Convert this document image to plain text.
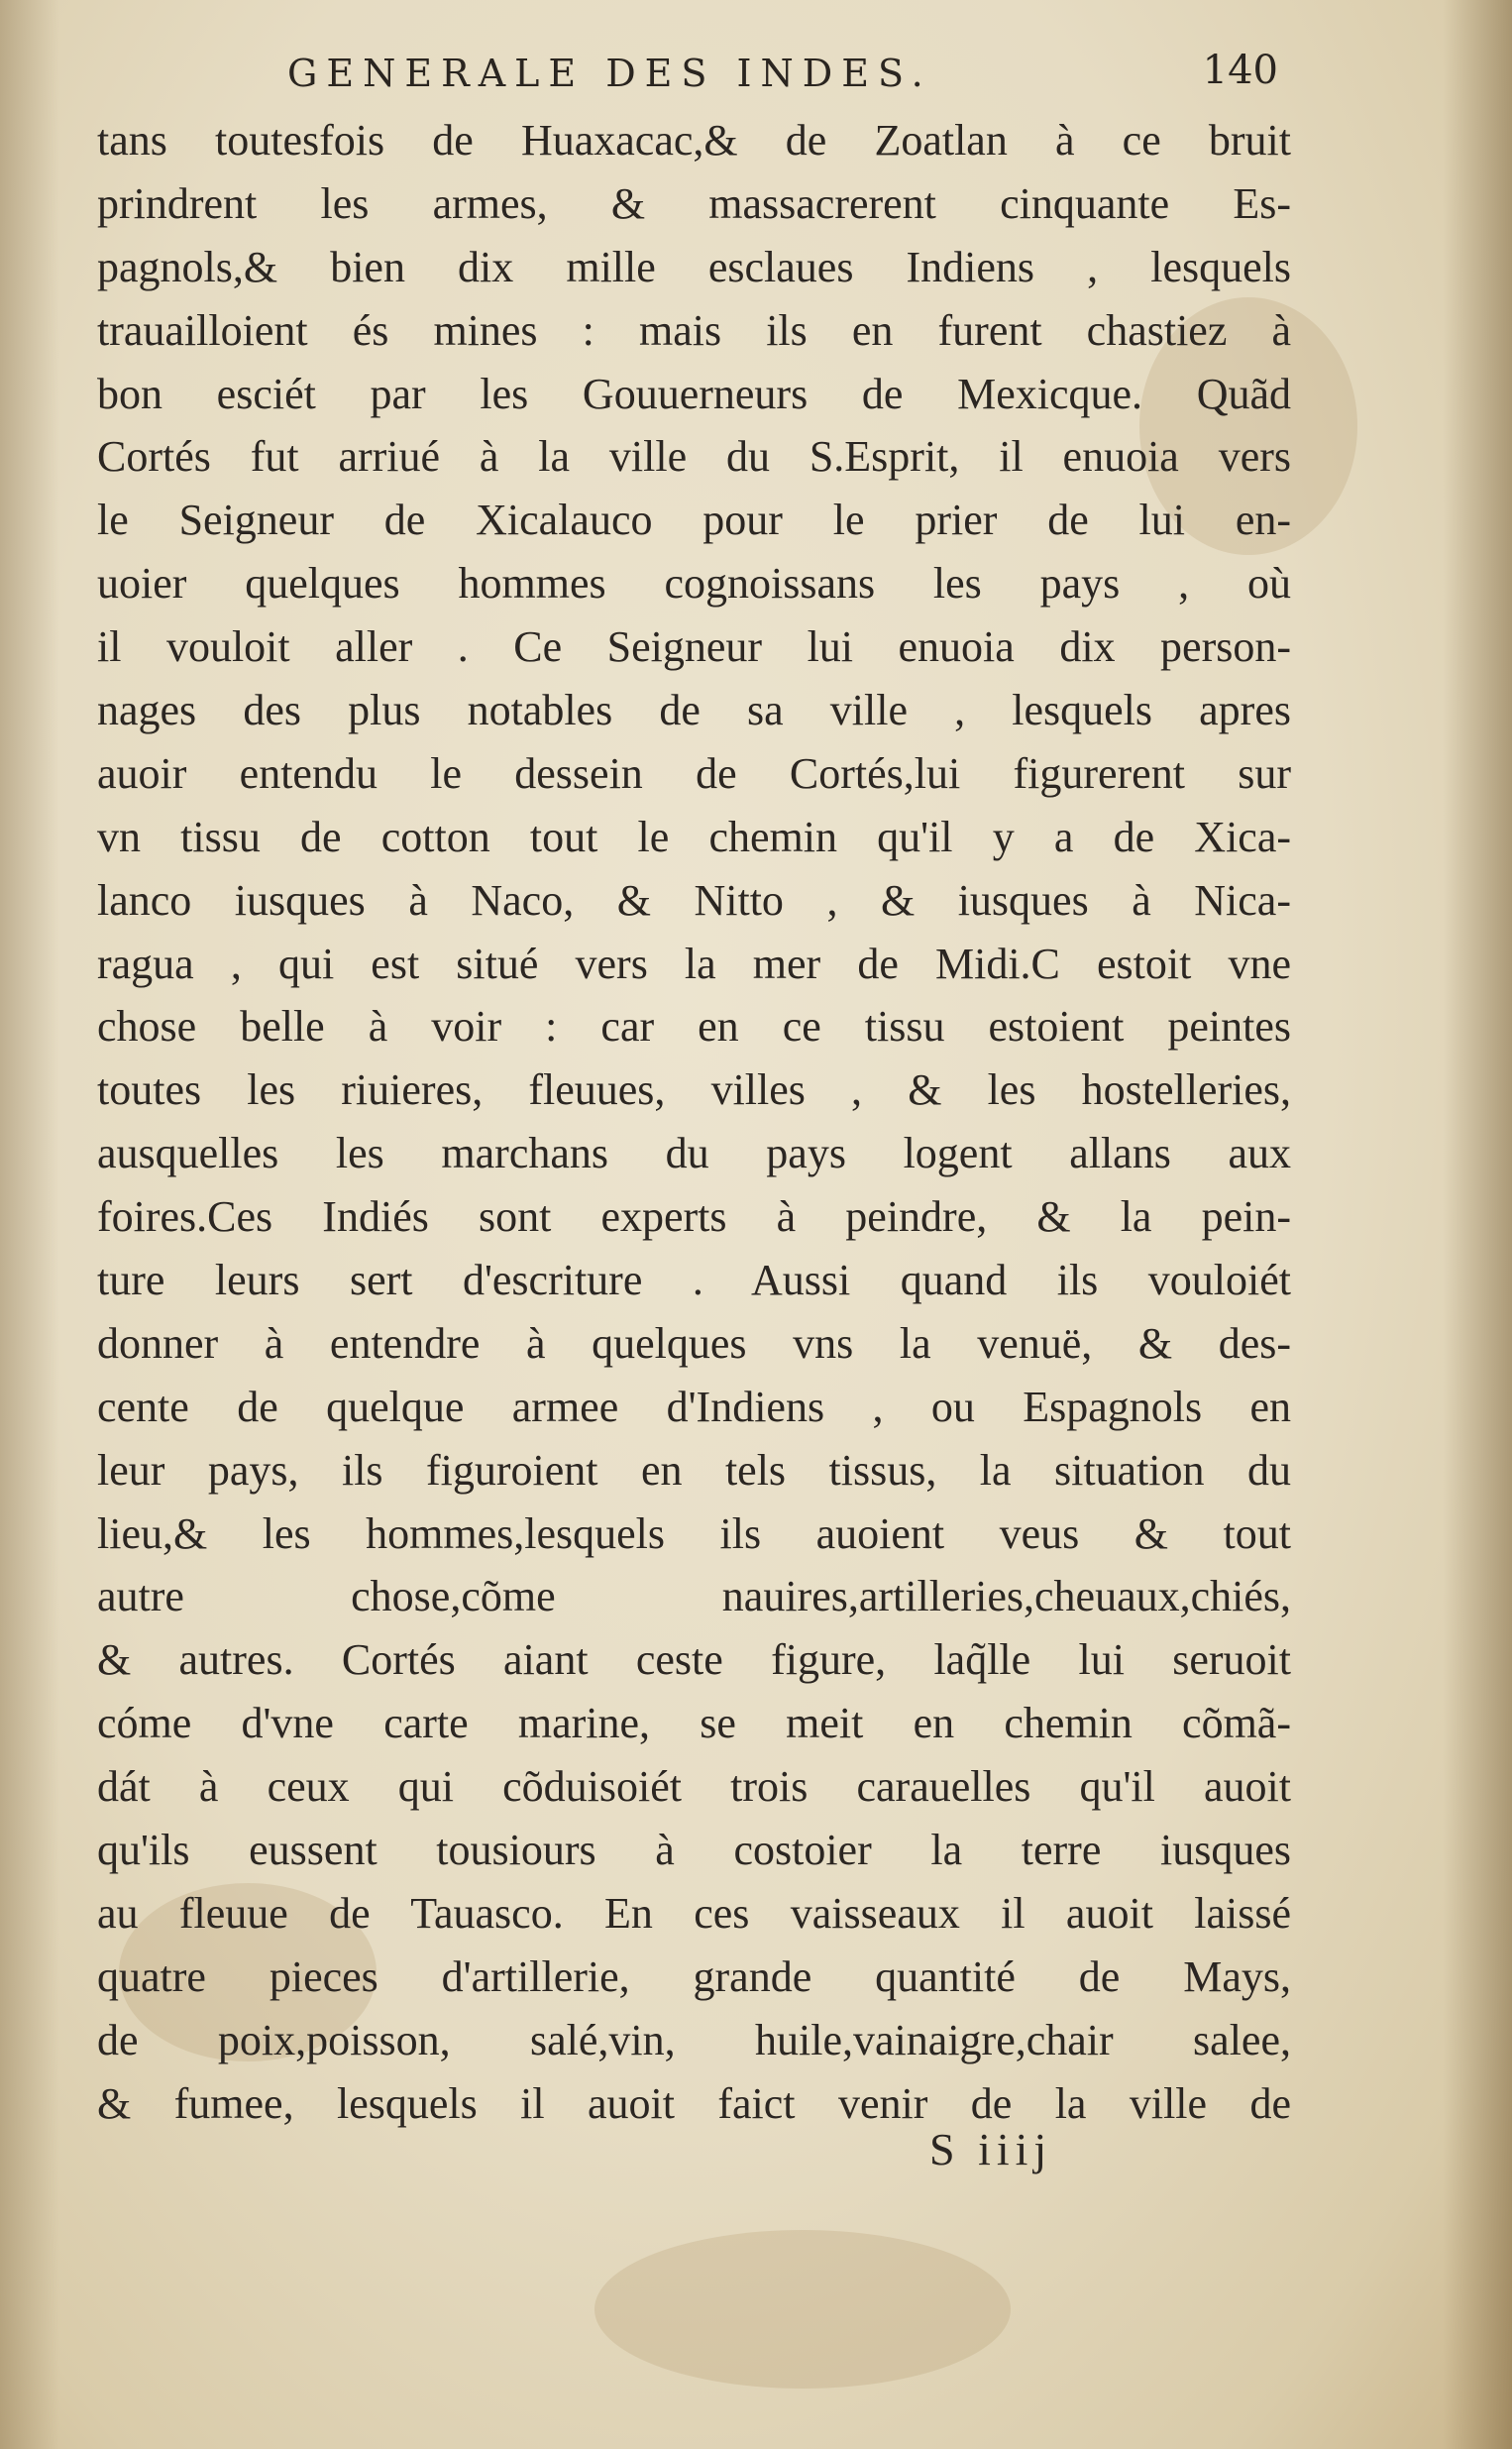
GENERALE DES INDES.	140
tans toutesfois de Huaxacac,& de Zoatlan à ce bruit
prindrent les armes, & massacrerent cinquante Es-
pagnols,& bien dix mille esclaues Indiens , lesquels
trauailloient és mines : mais ils en furent chastiez à
bon esciét par les Gouuerneurs de Mexicque. Quãd
Cortés fut arriué à la ville du S.Esprit, il enuoia vers
le Seigneur de Xicalauco pour le prier de lui en-
uoier quelques hommes cognoissans les pays , où
il vouloit aller . Ce Seigneur lui enuoia dix person-
nages des plus notables de sa ville , lesquels apres
auoir entendu le dessein de Cortés,lui figurerent sur
vn tissu de cotton tout le chemin qu'il y a de Xica-
lanco iusques à Naco, & Nitto , & iusques à Nica-
ragua , qui est situé vers la mer de Midi.C estoit vne
chose belle à voir : car en ce tissu estoient peintes
toutes les riuieres, fleuues, villes , & les hostelleries,
ausquelles les marchans du pays logent allans aux
foires.Ces Indiés sont experts à peindre, & la pein-
ture leurs sert d'escriture . Aussi quand ils vouloiét
donner à entendre à quelques vns la venuë, & des-
cente de quelque armee d'Indiens , ou Espagnols en
leur pays, ils figuroient en tels tissus, la situation du
lieu,& les hommes,lesquels ils auoient veus & tout
autre chose,cõme nauires,artilleries,cheuaux,chiés,
& autres. Cortés aiant ceste figure, laq̃lle lui seruoit
cóme d'vne carte marine, se meit en chemin cõmã-
dát à ceux qui cõduisoiét trois carauelles qu'il auoit
qu'ils eussent tousiours à costoier la terre iusques
au fleuue de Tauasco. En ces vaisseaux il auoit laissé
quatre pieces d'artillerie, grande quantité de Mays,
de poix,poisson, salé,vin, huile,vainaigre,chair salee,
& fumee, lesquels il auoit faict venir de la ville de
S iiij
